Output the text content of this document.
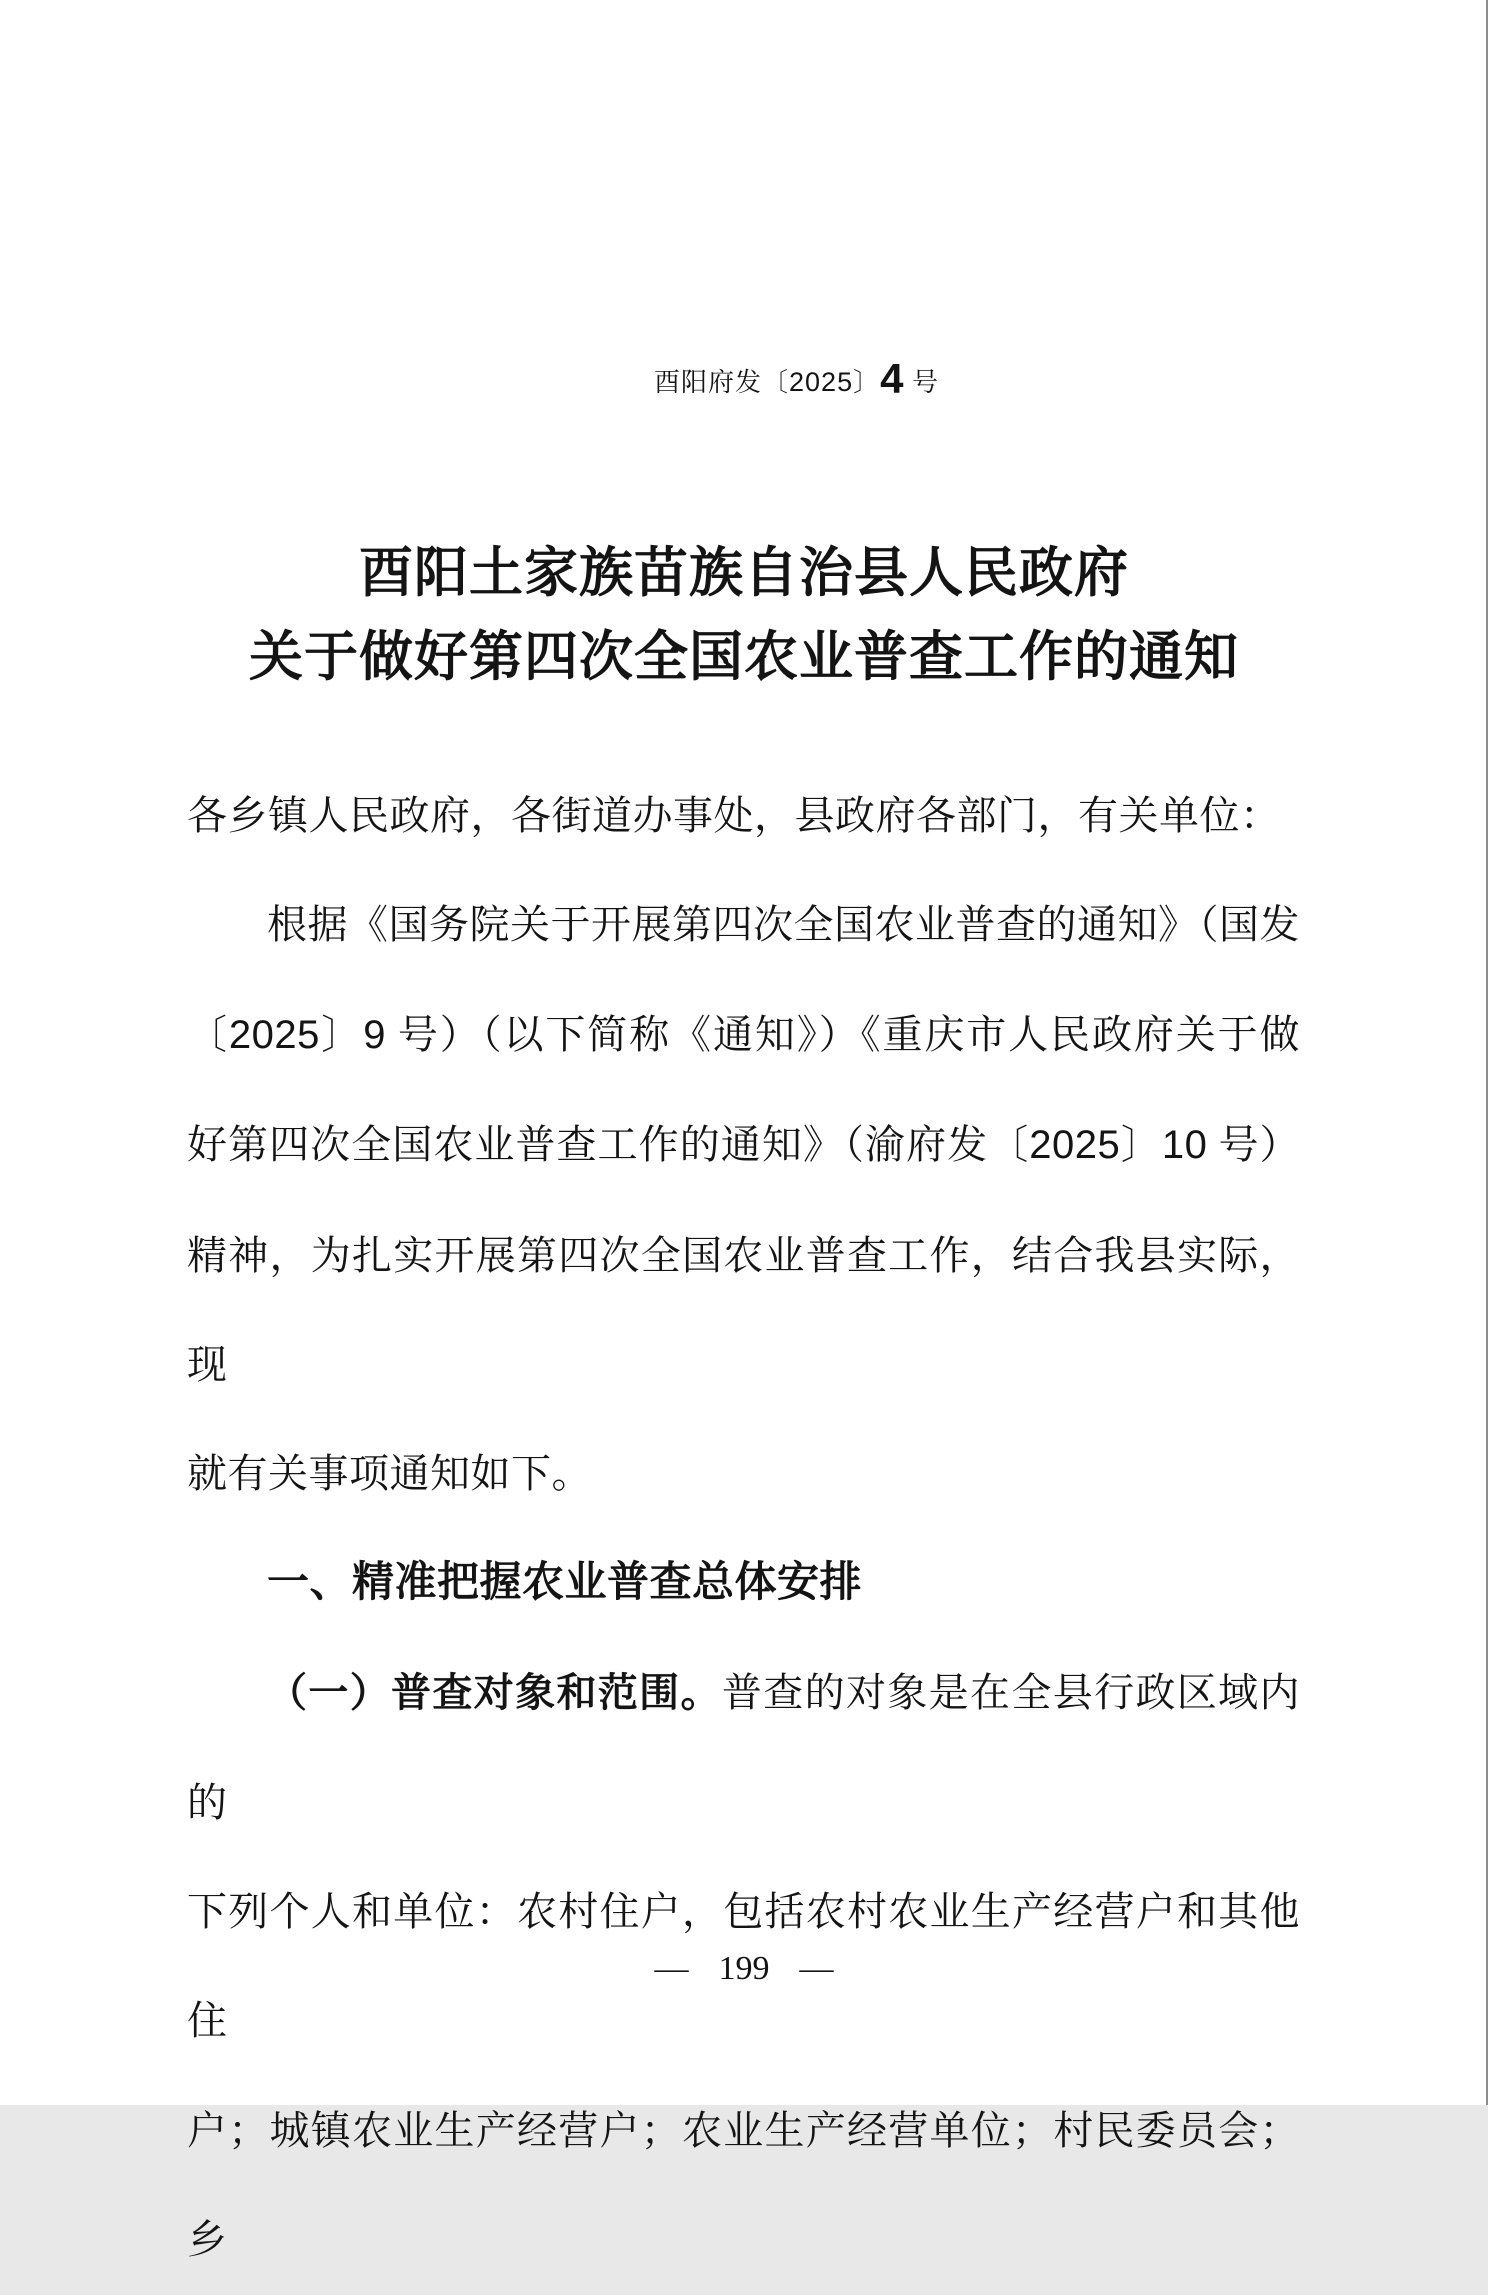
酉阳府发〔2025〕4 号
酉阳土家族苗族自治县人民政府
关于做好第四次全国农业普查工作的通知
各乡镇人民政府，各街道办事处，县政府各部门，有关单位：
根据《国务院关于开展第四次全国农业普查的通知》（国发
〔2025〕9 号）（以下简称《通知》）《重庆市人民政府关于做
好第四次全国农业普查工作的通知》（渝府发〔2025〕10 号）
精神，为扎实开展第四次全国农业普查工作，结合我县实际，现
就有关事项通知如下。
一、精准把握农业普查总体安排
（一）普查对象和范围。普查的对象是在全县行政区域内的
下列个人和单位：农村住户，包括农村农业生产经营户和其他住
户；城镇农业生产经营户；农业生产经营单位；村民委员会；乡
— 199 —
